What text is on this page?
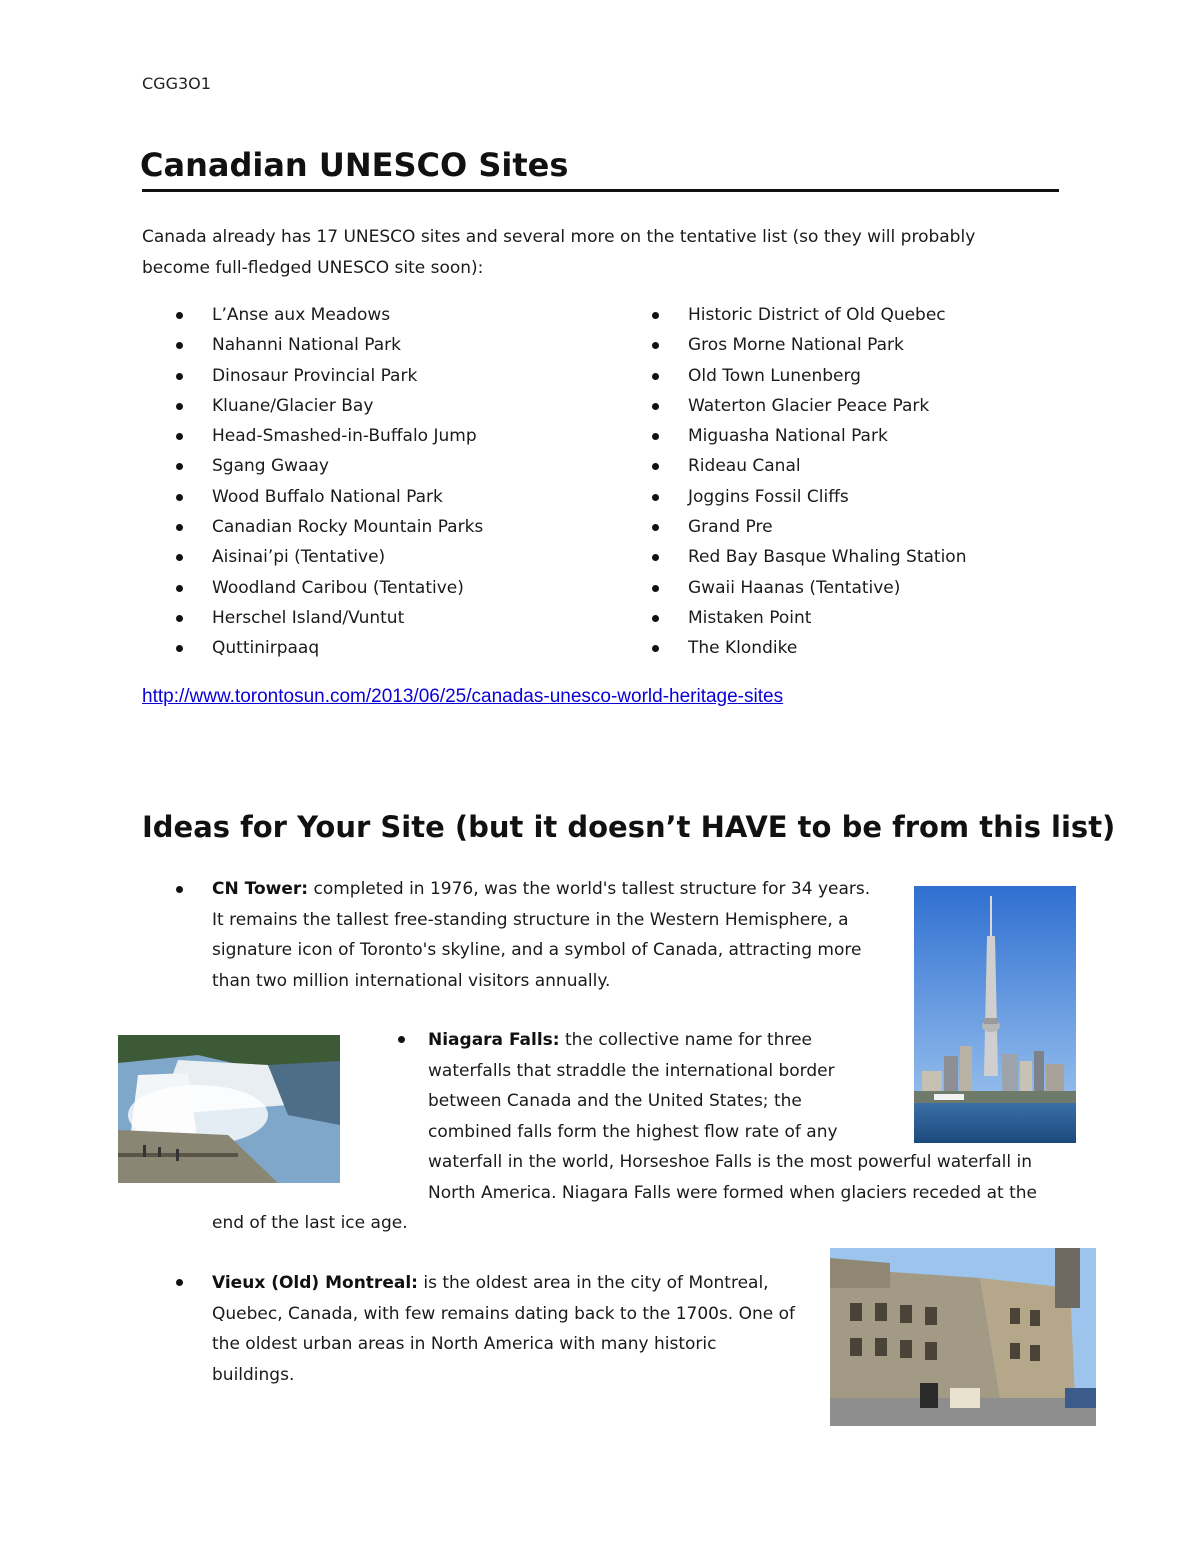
CGG3O1
Canadian UNESCO Sites
Canada already has 17 UNESCO sites and several more on the tentative list (so they will probably
become full-fledged UNESCO site soon):
L’Anse aux Meadows
Nahanni National Park
Dinosaur Provincial Park
Kluane/Glacier Bay
Head-Smashed-in-Buffalo Jump
Sgang Gwaay
Wood Buffalo National Park
Canadian Rocky Mountain Parks
Aisinai’pi (Tentative)
Woodland Caribou (Tentative)
Herschel Island/Vuntut
Quttinirpaaq
Historic District of Old Quebec
Gros Morne National Park
Old Town Lunenberg
Waterton Glacier Peace Park
Miguasha National Park
Rideau Canal
Joggins Fossil Cliffs
Grand Pre
Red Bay Basque Whaling Station
Gwaii Haanas (Tentative)
Mistaken Point
The Klondike
http://www.torontosun.com/2013/06/25/canadas-unesco-world-heritage-sites
Ideas for Your Site (but it doesn’t HAVE to be from this list)
CN Tower: completed in 1976, was the world's tallest structure for 34 years.
It remains the tallest free-standing structure in the Western Hemisphere, a
signature icon of Toronto's skyline, and a symbol of Canada, attracting more
than two million international visitors annually.
Niagara Falls: the collective name for three
waterfalls that straddle the international border
between Canada and the United States; the
combined falls form the highest flow rate of any
waterfall in the world, Horseshoe Falls is the most powerful waterfall in
North America. Niagara Falls were formed when glaciers receded at the
end of the last ice age.
Vieux (Old) Montreal: is the oldest area in the city of Montreal,
Quebec, Canada, with few remains dating back to the 1700s. One of
the oldest urban areas in North America with many historic
buildings.
